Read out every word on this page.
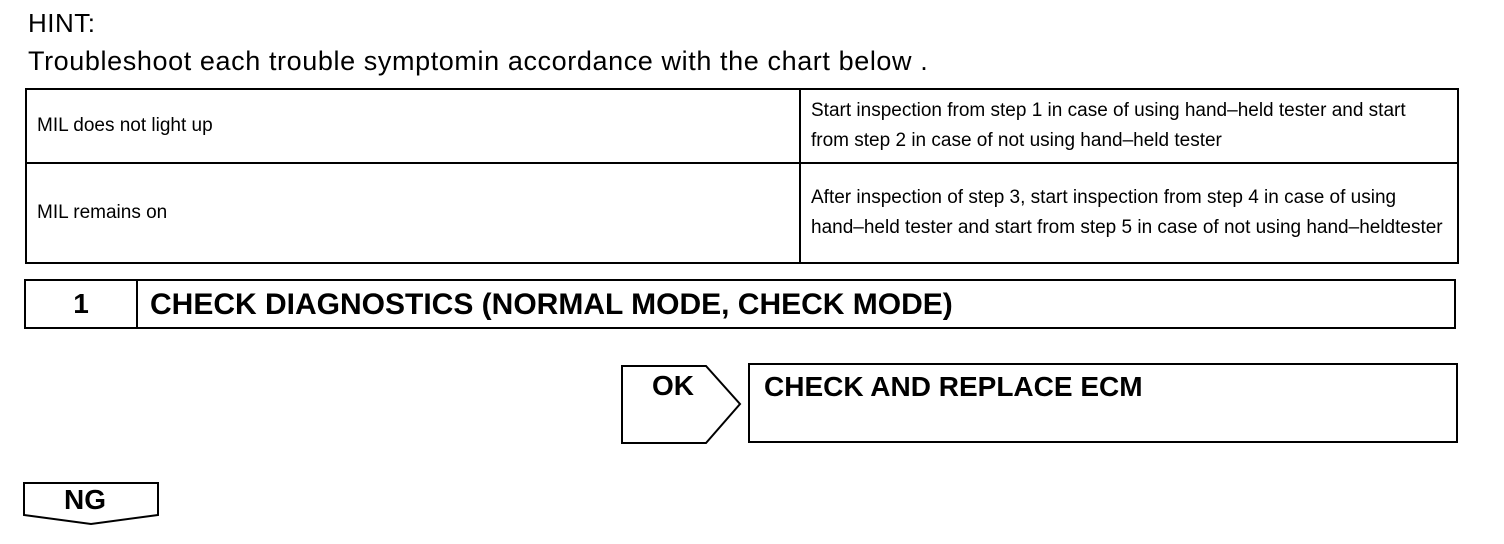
HINT:
Troubleshoot each trouble symptomin accordance with the chart below .
MIL does not light up	Start inspection from step 1 in case of using hand–held tester and start from step 2 in case of not using hand–held tester
MIL remains on	After inspection of step 3, start inspection from step 4 in case of using hand–held tester and start from step 5 in case of not using hand–heldtester
1	CHECK DIAGNOSTICS (NORMAL MODE, CHECK MODE)
OK	CHECK AND REPLACE ECM
NG
